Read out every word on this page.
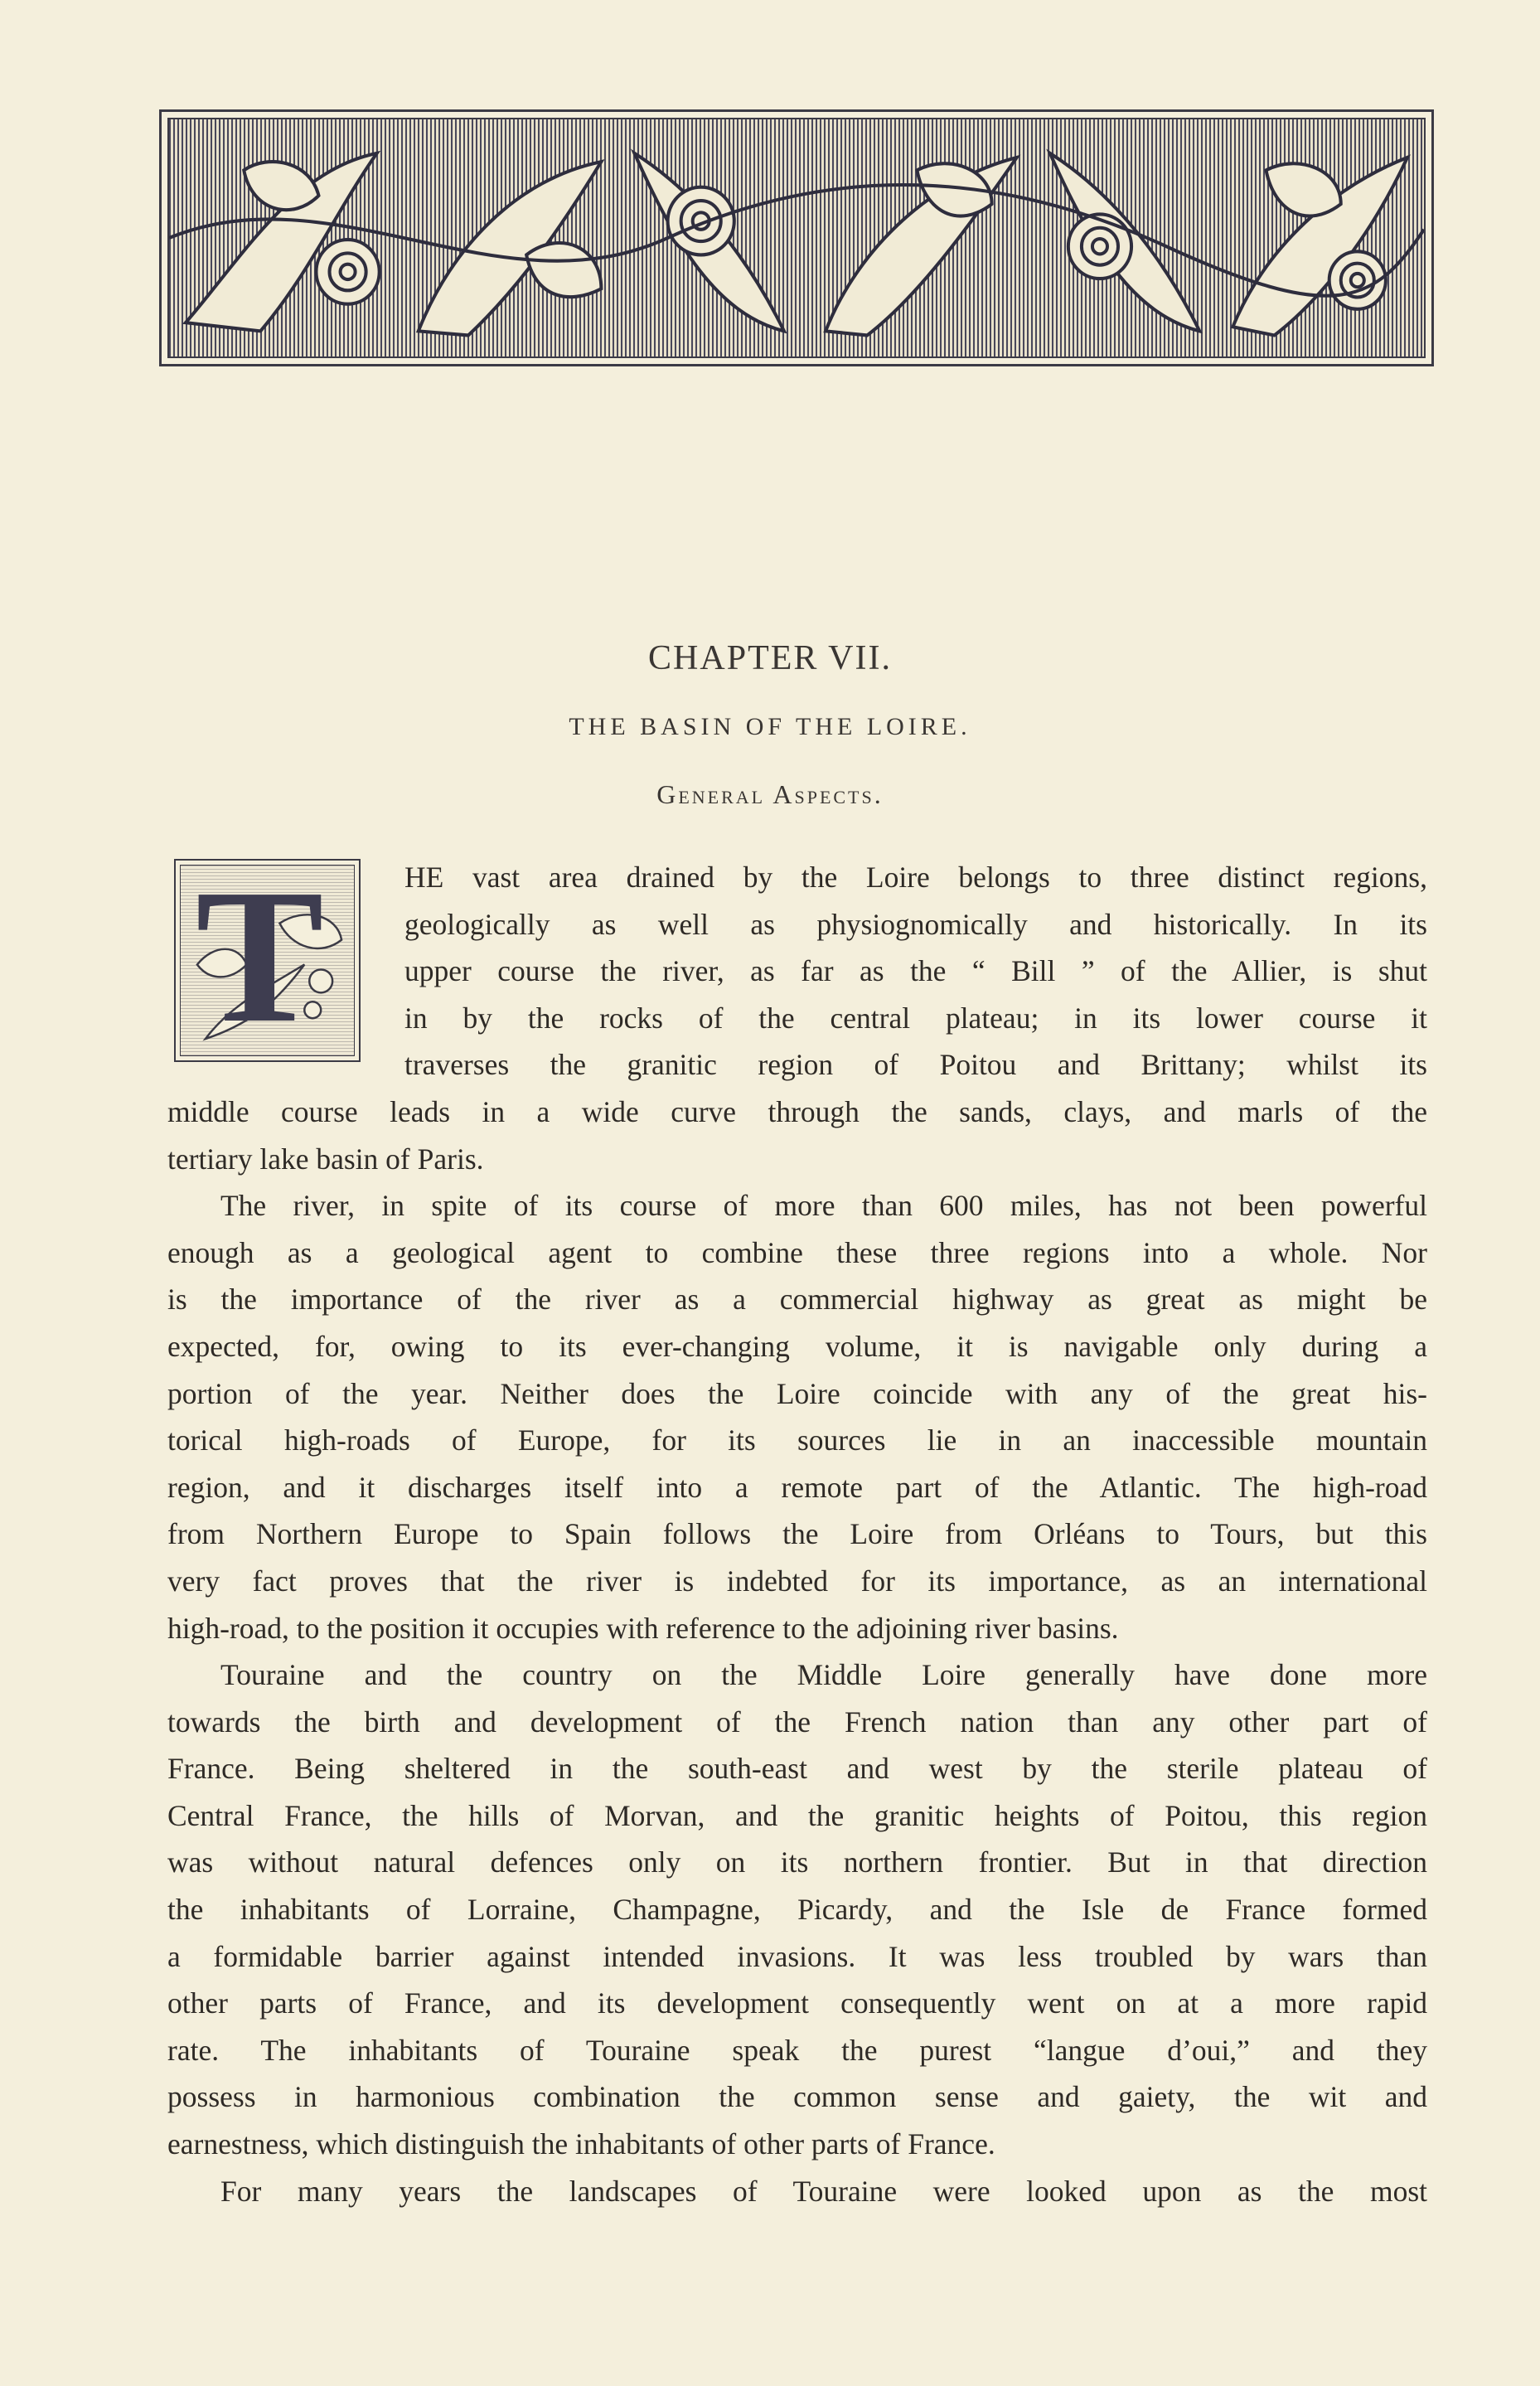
CHAPTER VII.
THE BASIN OF THE LOIRE.
General Aspects.
T	HE vast area drained by the Loire belongs to three distinct regions,
geologically as well as physiognomically and historically. In its
upper course the river, as far as the “ Bill ” of the Allier, is shut
in by the rocks of the central plateau; in its lower course it
traverses the granitic region of Poitou and Brittany; whilst its
middle course leads in a wide curve through the sands, clays, and marls of the
tertiary lake basin of Paris.
The river, in spite of its course of more than 600 miles, has not been powerful
enough as a geological agent to combine these three regions into a whole. Nor
is the importance of the river as a commercial highway as great as might be
expected, for, owing to its ever-changing volume, it is navigable only during a
portion of the year. Neither does the Loire coincide with any of the great his-
torical high-roads of Europe, for its sources lie in an inaccessible mountain
region, and it discharges itself into a remote part of the Atlantic. The high-road
from Northern Europe to Spain follows the Loire from Orléans to Tours, but this
very fact proves that the river is indebted for its importance, as an international
high-road, to the position it occupies with reference to the adjoining river basins.
Touraine and the country on the Middle Loire generally have done more
towards the birth and development of the French nation than any other part of
France. Being sheltered in the south-east and west by the sterile plateau of
Central France, the hills of Morvan, and the granitic heights of Poitou, this region
was without natural defences only on its northern frontier. But in that direction
the inhabitants of Lorraine, Champagne, Picardy, and the Isle de France formed
a formidable barrier against intended invasions. It was less troubled by wars than
other parts of France, and its development consequently went on at a more rapid
rate. The inhabitants of Touraine speak the purest “langue d’oui,” and they
possess in harmonious combination the common sense and gaiety, the wit and
earnestness, which distinguish the inhabitants of other parts of France.
For many years the landscapes of Touraine were looked upon as the most
